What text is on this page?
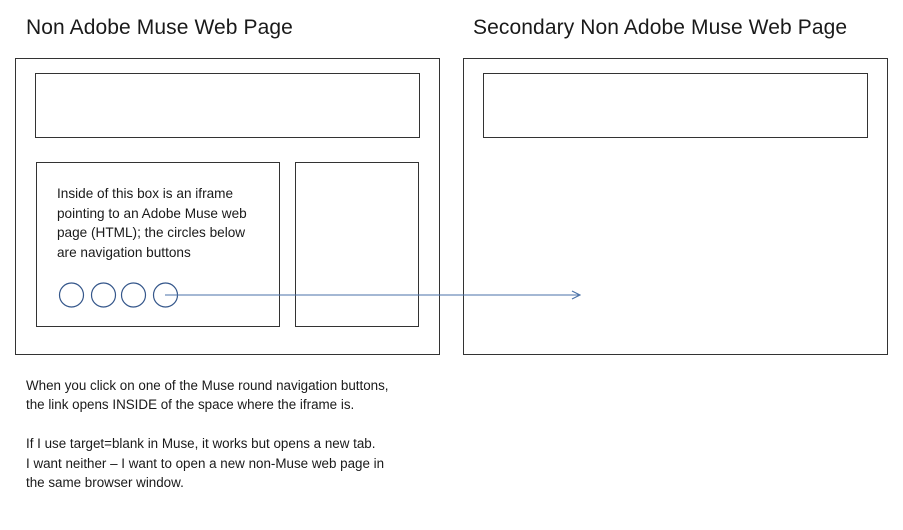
Non Adobe Muse Web Page	Secondary Non Adobe Muse Web Page
Inside of this box is an iframe pointing to an Adobe Muse web page (HTML); the circles below are navigation buttons

When you click on one of the Muse round navigation buttons,

the link opens INSIDE of the space where the iframe is.

If I use target=blank in Muse, it works but opens a new tab.

I want neither – I want to open a new non-Muse web page in

the same browser window.
